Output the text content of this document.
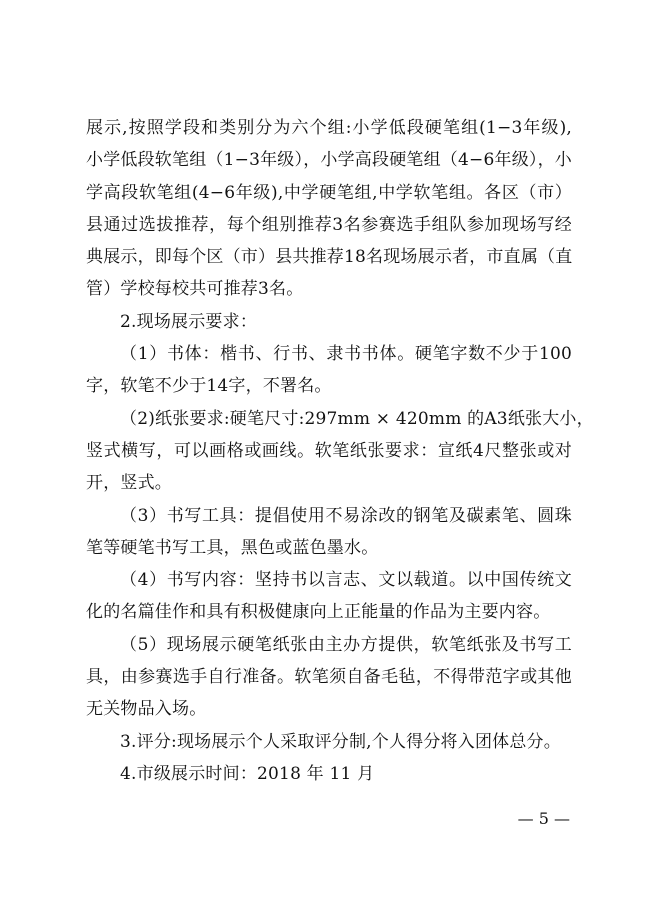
展示,按照学段和类别分为六个组:小学低段硬笔组(1−3年级),
小学低段软笔组（1−3年级），小学高段硬笔组（4−6年级），小
学高段软笔组(4−6年级),中学硬笔组,中学软笔组。各区（市）
县通过选拔推荐，每个组别推荐3名参赛选手组队参加现场写经
典展示，即每个区（市）县共推荐18名现场展示者，市直属（直
管）学校每校共可推荐3名。
2.现场展示要求：
（1）书体：楷书、行书、隶书书体。硬笔字数不少于100
字，软笔不少于14字，不署名。
（2)纸张要求:硬笔尺寸:297mm × 420mm 的A3纸张大小，
竖式横写，可以画格或画线。软笔纸张要求：宣纸4尺整张或对
开，竖式。
（3）书写工具：提倡使用不易涂改的钢笔及碳素笔、圆珠
笔等硬笔书写工具，黑色或蓝色墨水。
（4）书写内容：坚持书以言志、文以载道。以中国传统文
化的名篇佳作和具有积极健康向上正能量的作品为主要内容。
（5）现场展示硬笔纸张由主办方提供，软笔纸张及书写工
具，由参赛选手自行准备。软笔须自备毛毡，不得带范字或其他
无关物品入场。
3.评分:现场展示个人采取评分制,个人得分将入团体总分。
4.市级展示时间：2018 年 11 月
— 5 —
